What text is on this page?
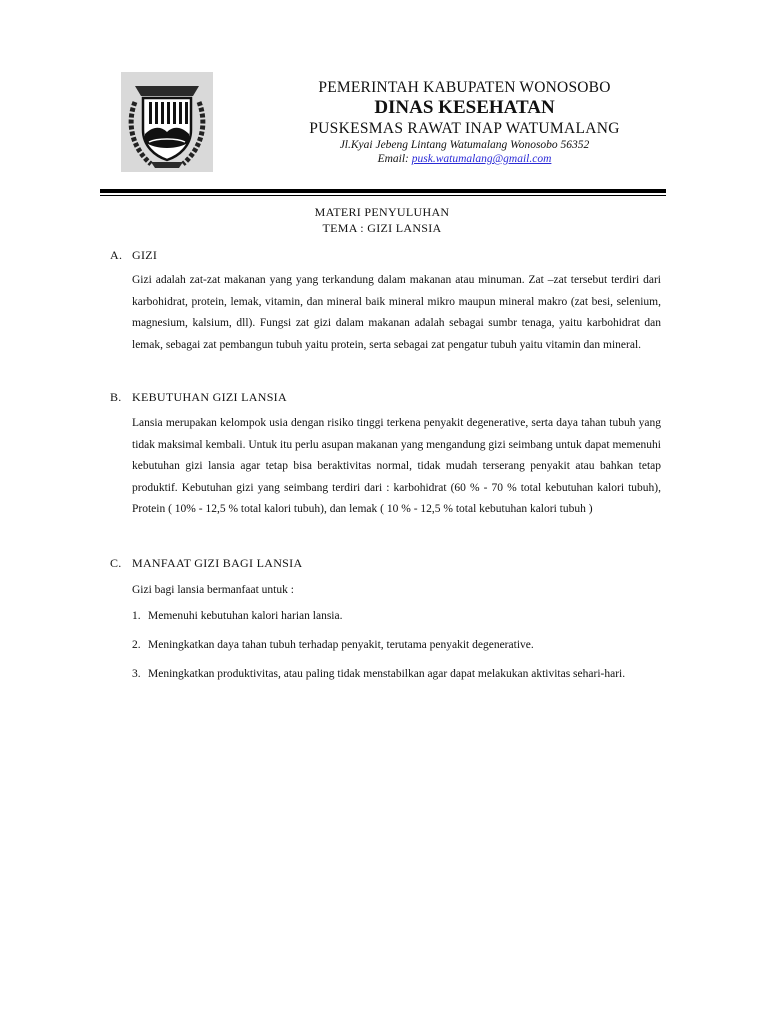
PEMERINTAH KABUPATEN WONOSOBO
DINAS KESEHATAN
PUSKESMAS RAWAT INAP WATUMALANG
Jl.Kyai Jebeng Lintang Watumalang Wonosobo 56352
Email: pusk.watumalang@gmail.com
MATERI PENYULUHAN
TEMA : GIZI LANSIA
A. GIZI

Gizi adalah zat-zat makanan yang yang terkandung dalam makanan atau minuman. Zat –zat tersebut terdiri dari karbohidrat, protein, lemak, vitamin, dan mineral baik mineral mikro maupun mineral makro (zat besi, selenium, magnesium, kalsium, dll). Fungsi zat gizi dalam makanan adalah sebagai sumbr tenaga, yaitu karbohidrat dan lemak, sebagai zat pembangun tubuh yaitu protein, serta sebagai zat pengatur tubuh yaitu vitamin dan mineral.

B. KEBUTUHAN GIZI LANSIA

Lansia merupakan kelompok usia dengan risiko tinggi terkena penyakit degenerative, serta daya tahan tubuh yang tidak maksimal kembali. Untuk itu perlu asupan makanan yang mengandung gizi seimbang untuk dapat memenuhi kebutuhan gizi lansia agar tetap bisa beraktivitas normal, tidak mudah terserang penyakit atau bahkan tetap produktif. Kebutuhan gizi yang seimbang terdiri dari : karbohidrat (60 % - 70 % total kebutuhan kalori tubuh), Protein ( 10% - 12,5 % total kalori tubuh), dan lemak ( 10 % - 12,5 % total kebutuhan kalori tubuh )

C. MANFAAT GIZI BAGI LANSIA
Gizi bagi lansia bermanfaat untuk :
1. Memenuhi kebutuhan kalori harian lansia.
2. Meningkatkan daya tahan tubuh terhadap penyakit, terutama penyakit degenerative.
3. Meningkatkan produktivitas, atau paling tidak menstabilkan agar dapat melakukan aktivitas sehari-hari.
